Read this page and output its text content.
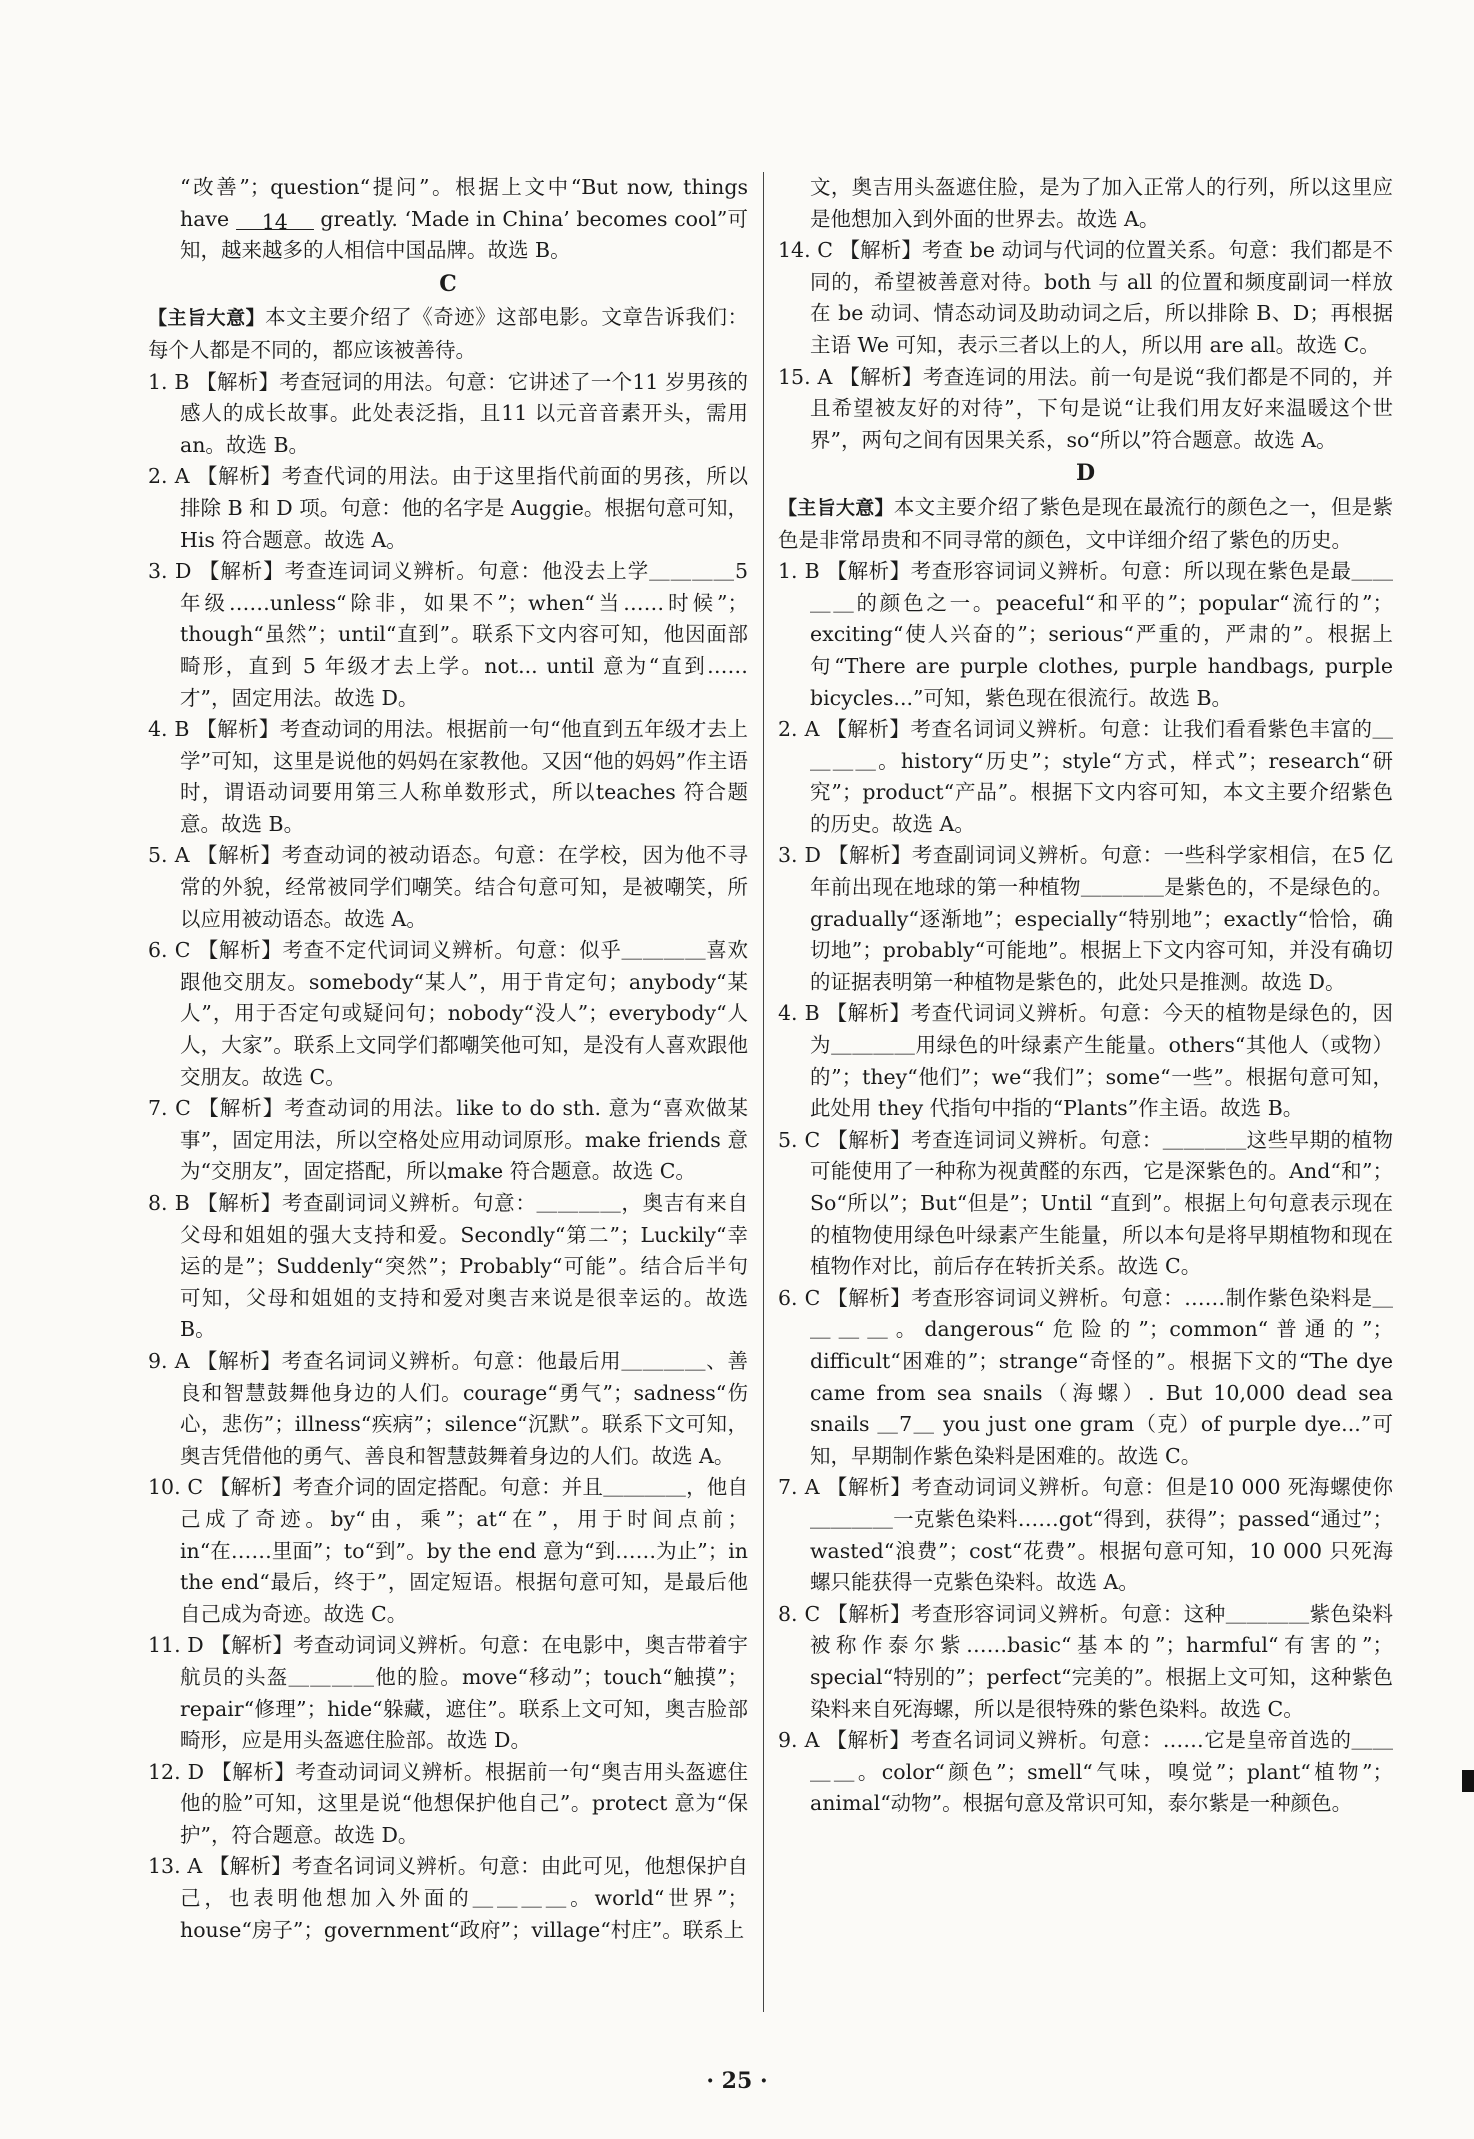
“改善”；question“提问”。根据上文中“But now, things have 14 greatly. ‘Made in China’ becomes cool”可知，越来越多的人相信中国品牌。故选 B。

C

【主旨大意】本文主要介绍了《奇迹》这部电影。文章告诉我们：每个人都是不同的，都应该被善待。

1. B 【解析】考查冠词的用法。句意：它讲述了一个11 岁男孩的感人的成长故事。此处表泛指，且11 以元音音素开头，需用 an。故选 B。

2. A 【解析】考查代词的用法。由于这里指代前面的男孩，所以排除 B 和 D 项。句意：他的名字是 Auggie。根据句意可知，His 符合题意。故选 A。

3. D 【解析】考查连词词义辨析。句意：他没去上学＿＿＿＿5 年级……unless“除非，如果不”；when“当……时候”；though“虽然”；until“直到”。联系下文内容可知，他因面部畸形，直到 5 年级才去上学。not... until 意为“直到……才”，固定用法。故选 D。

4. B 【解析】考查动词的用法。根据前一句“他直到五年级才去上学”可知，这里是说他的妈妈在家教他。又因“他的妈妈”作主语时，谓语动词要用第三人称单数形式，所以teaches 符合题意。故选 B。

5. A 【解析】考查动词的被动语态。句意：在学校，因为他不寻常的外貌，经常被同学们嘲笑。结合句意可知，是被嘲笑，所以应用被动语态。故选 A。

6. C 【解析】考查不定代词词义辨析。句意：似乎＿＿＿＿喜欢跟他交朋友。somebody“某人”，用于肯定句；anybody“某人”，用于否定句或疑问句；nobody“没人”；everybody“人人，大家”。联系上文同学们都嘲笑他可知，是没有人喜欢跟他交朋友。故选 C。

7. C 【解析】考查动词的用法。like to do sth. 意为“喜欢做某事”，固定用法，所以空格处应用动词原形。make friends 意为“交朋友”，固定搭配，所以make 符合题意。故选 C。

8. B 【解析】考查副词词义辨析。句意：＿＿＿＿，奥吉有来自父母和姐姐的强大支持和爱。Secondly“第二”；Luckily“幸运的是”；Suddenly“突然”；Probably“可能”。结合后半句可知，父母和姐姐的支持和爱对奥吉来说是很幸运的。故选 B。

9. A 【解析】考查名词词义辨析。句意：他最后用＿＿＿＿、善良和智慧鼓舞他身边的人们。courage“勇气”；sadness“伤心，悲伤”；illness“疾病”；silence“沉默”。联系下文可知，奥吉凭借他的勇气、善良和智慧鼓舞着身边的人们。故选 A。

10. C 【解析】考查介词的固定搭配。句意：并且＿＿＿＿，他自己成了奇迹。by“由，乘”；at“在”，用于时间点前；in“在……里面”；to“到”。by the end 意为“到……为止”；in the end“最后，终于”，固定短语。根据句意可知，是最后他自己成为奇迹。故选 C。

11. D 【解析】考查动词词义辨析。句意：在电影中，奥吉带着宇航员的头盔＿＿＿＿他的脸。move“移动”；touch“触摸”；repair“修理”；hide“躲藏，遮住”。联系上文可知，奥吉脸部畸形，应是用头盔遮住脸部。故选 D。

12. D 【解析】考查动词词义辨析。根据前一句“奥吉用头盔遮住他的脸”可知，这里是说“他想保护他自己”。protect 意为“保护”，符合题意。故选 D。

13. A 【解析】考查名词词义辨析。句意：由此可见，他想保护自己，也表明他想加入外面的＿＿＿＿。world“世界”；house“房子”；government“政府”；village“村庄”。联系上

文，奥吉用头盔遮住脸，是为了加入正常人的行列，所以这里应是他想加入到外面的世界去。故选 A。

14. C 【解析】考查 be 动词与代词的位置关系。句意：我们都是不同的，希望被善意对待。both 与 all 的位置和频度副词一样放在 be 动词、情态动词及助动词之后，所以排除 B、D；再根据主语 We 可知，表示三者以上的人，所以用 are all。故选 C。

15. A 【解析】考查连词的用法。前一句是说“我们都是不同的，并且希望被友好的对待”，下句是说“让我们用友好来温暖这个世界”，两句之间有因果关系，so“所以”符合题意。故选 A。

D

【主旨大意】本文主要介绍了紫色是现在最流行的颜色之一，但是紫色是非常昂贵和不同寻常的颜色，文中详细介绍了紫色的历史。

1. B 【解析】考查形容词词义辨析。句意：所以现在紫色是最＿＿＿＿的颜色之一。peaceful“和平的”；popular“流行的”；exciting“使人兴奋的”；serious“严重的，严肃的”。根据上句“There are purple clothes, purple handbags, purple bicycles...”可知，紫色现在很流行。故选 B。

2. A 【解析】考查名词词义辨析。句意：让我们看看紫色丰富的＿＿＿＿。history“历史”；style“方式，样式”；research“研究”；product“产品”。根据下文内容可知，本文主要介绍紫色的历史。故选 A。

3. D 【解析】考查副词词义辨析。句意：一些科学家相信，在5 亿年前出现在地球的第一种植物＿＿＿＿是紫色的，不是绿色的。gradually“逐渐地”；especially“特别地”；exactly“恰恰，确切地”；probably“可能地”。根据上下文内容可知，并没有确切的证据表明第一种植物是紫色的，此处只是推测。故选 D。

4. B 【解析】考查代词词义辨析。句意：今天的植物是绿色的，因为＿＿＿＿用绿色的叶绿素产生能量。others“其他人（或物）的”；they“他们”；we“我们”；some“一些”。根据句意可知，此处用 they 代指句中指的“Plants”作主语。故选 B。

5. C 【解析】考查连词词义辨析。句意：＿＿＿＿这些早期的植物可能使用了一种称为视黄醛的东西，它是深紫色的。And“和”；So“所以”；But“但是”；Until “直到”。根据上句句意表示现在的植物使用绿色叶绿素产生能量，所以本句是将早期植物和现在植物作对比，前后存在转折关系。故选 C。

6. C 【解析】考查形容词词义辨析。句意：……制作紫色染料是＿＿＿＿。dangerous“危险的”；common“普通的”；difficult“困难的”；strange“奇怪的”。根据下文的“The dye came from sea snails（海螺）. But 10,000 dead sea snails ＿7＿ you just one gram（克）of purple dye...”可知，早期制作紫色染料是困难的。故选 C。

7. A 【解析】考查动词词义辨析。句意：但是10 000 死海螺使你＿＿＿＿一克紫色染料……got“得到，获得”；passed“通过”；wasted“浪费”；cost“花费”。根据句意可知，10 000 只死海螺只能获得一克紫色染料。故选 A。

8. C 【解析】考查形容词词义辨析。句意：这种＿＿＿＿紫色染料被称作泰尔紫……basic“基本的”；harmful“有害的”；special“特别的”；perfect“完美的”。根据上文可知，这种紫色染料来自死海螺，所以是很特殊的紫色染料。故选 C。

9. A 【解析】考查名词词义辨析。句意：……它是皇帝首选的＿＿＿＿。color“颜色”；smell“气味，嗅觉”；plant“植物”；animal“动物”。根据句意及常识可知，泰尔紫是一种颜色。

· 25 ·
